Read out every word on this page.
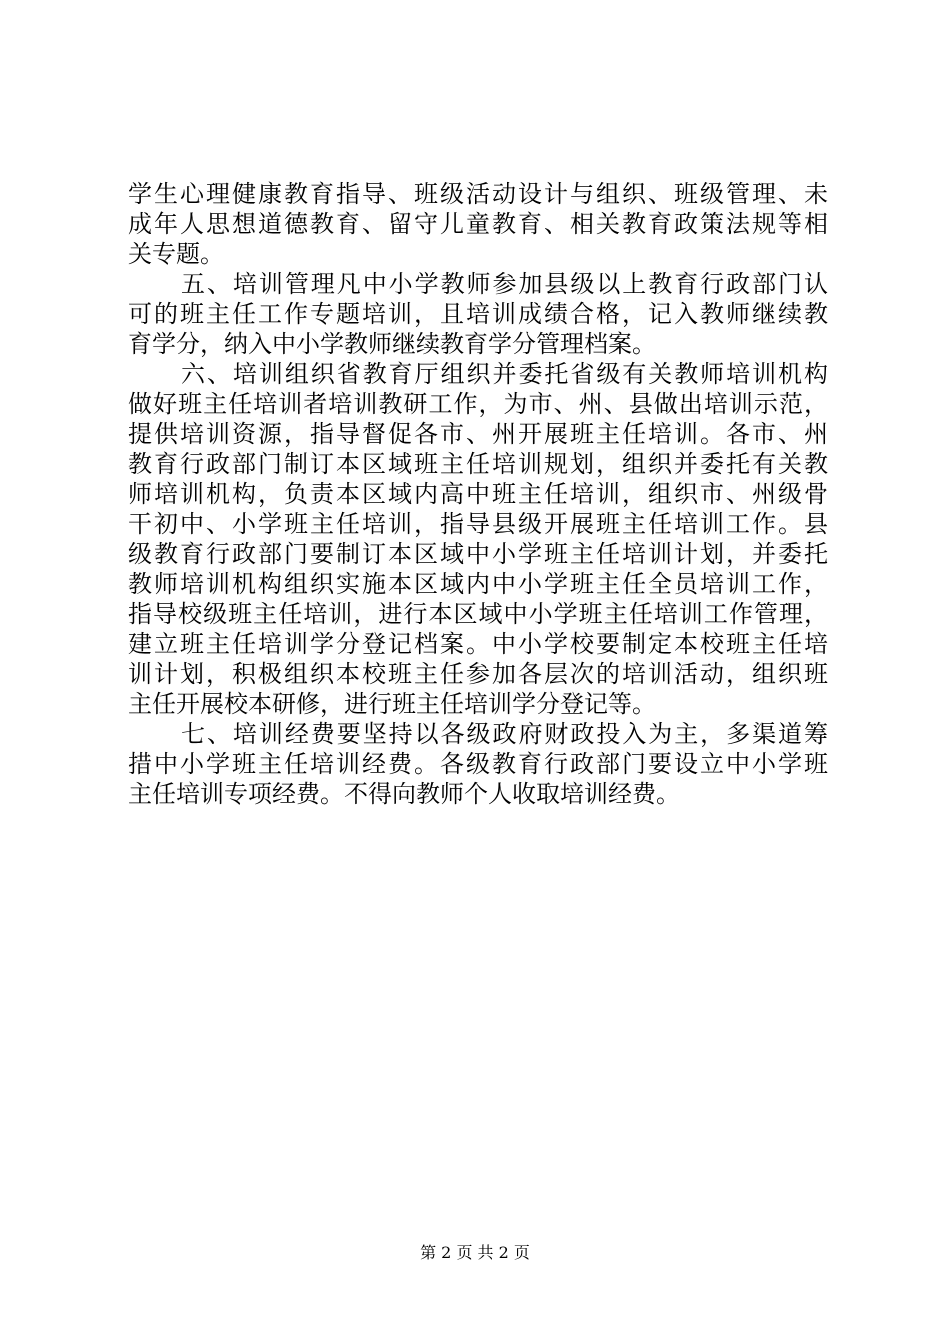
学生心理健康教育指导、班级活动设计与组织、班级管理、未
成年人思想道德教育、留守儿童教育、相关教育政策法规等相
关专题。
五、培训管理凡中小学教师参加县级以上教育行政部门认
可的班主任工作专题培训，且培训成绩合格，记入教师继续教
育学分，纳入中小学教师继续教育学分管理档案。
六、培训组织省教育厅组织并委托省级有关教师培训机构
做好班主任培训者培训教研工作，为市、州、县做出培训示范，
提供培训资源，指导督促各市、州开展班主任培训。各市、州
教育行政部门制订本区域班主任培训规划，组织并委托有关教
师培训机构，负责本区域内高中班主任培训，组织市、州级骨
干初中、小学班主任培训，指导县级开展班主任培训工作。县
级教育行政部门要制订本区域中小学班主任培训计划，并委托
教师培训机构组织实施本区域内中小学班主任全员培训工作，
指导校级班主任培训，进行本区域中小学班主任培训工作管理，
建立班主任培训学分登记档案。中小学校要制定本校班主任培
训计划，积极组织本校班主任参加各层次的培训活动，组织班
主任开展校本研修，进行班主任培训学分登记等。
七、培训经费要坚持以各级政府财政投入为主，多渠道筹
措中小学班主任培训经费。各级教育行政部门要设立中小学班
主任培训专项经费。不得向教师个人收取培训经费。
第 2 页 共 2 页
